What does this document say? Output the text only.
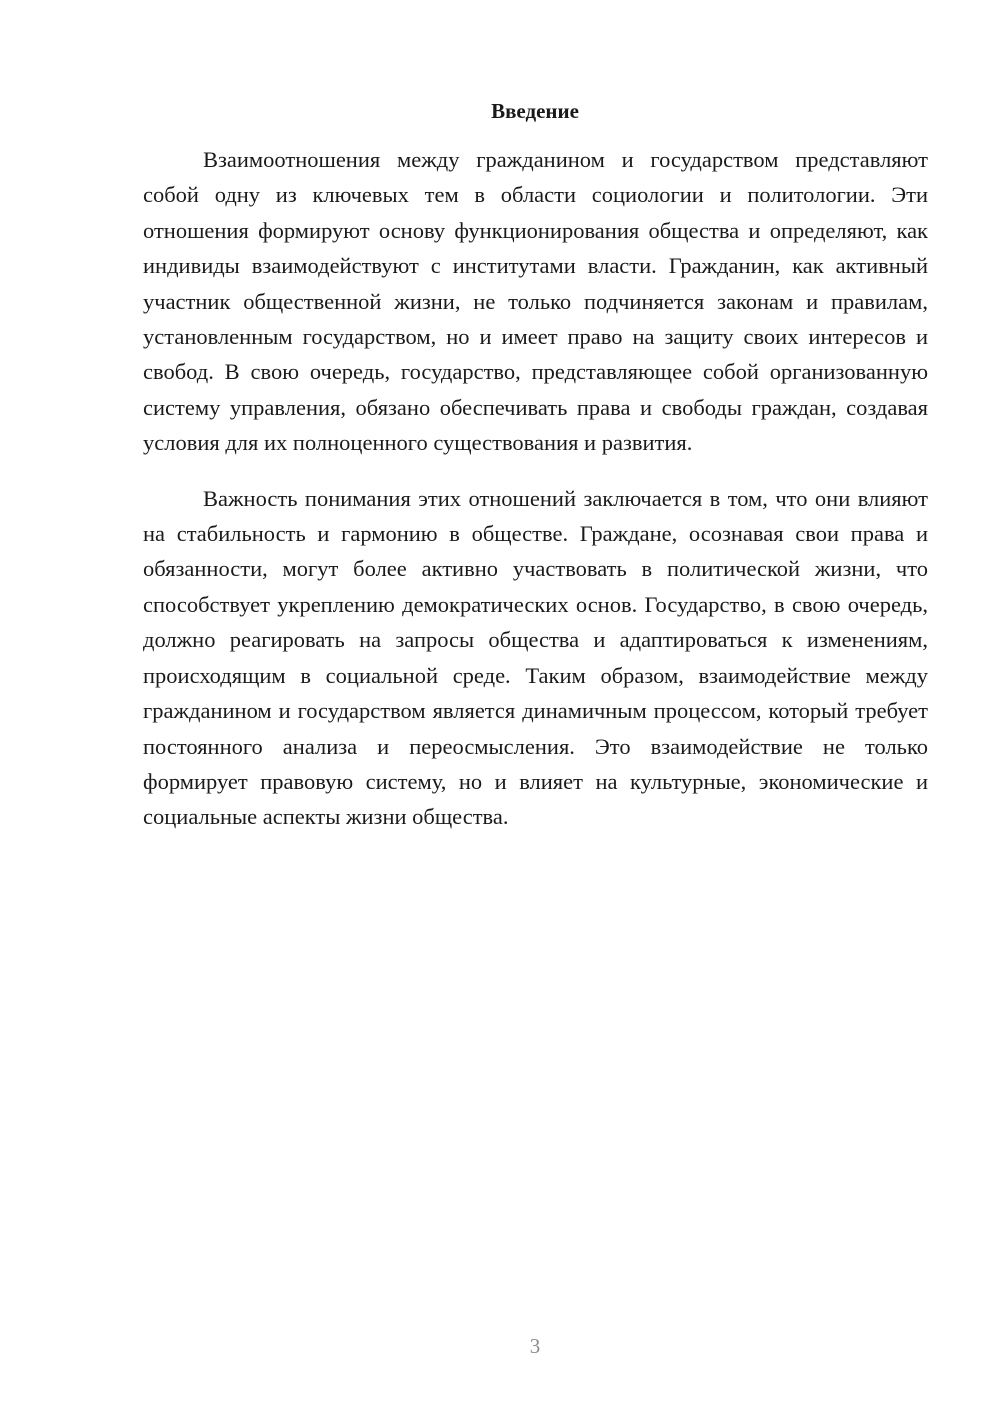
Введение

Взаимоотношения между гражданином и государством представляют собой одну из ключевых тем в области социологии и политологии. Эти отношения формируют основу функционирования общества и определяют, как индивиды взаимодействуют с институтами власти. Гражданин, как активный участник общественной жизни, не только подчиняется законам и правилам, установленным государством, но и имеет право на защиту своих интересов и свобод. В свою очередь, государство, представляющее собой организованную систему управления, обязано обеспечивать права и свободы граждан, создавая условия для их полноценного существования и развития.

Важность понимания этих отношений заключается в том, что они влияют на стабильность и гармонию в обществе. Граждане, осознавая свои права и обязанности, могут более активно участвовать в политической жизни, что способствует укреплению демократических основ. Государство, в свою очередь, должно реагировать на запросы общества и адаптироваться к изменениям, происходящим в социальной среде. Таким образом, взаимодействие между гражданином и государством является динамичным процессом, который требует постоянного анализа и переосмысления. Это взаимодействие не только формирует правовую систему, но и влияет на культурные, экономические и социальные аспекты жизни общества.

3
